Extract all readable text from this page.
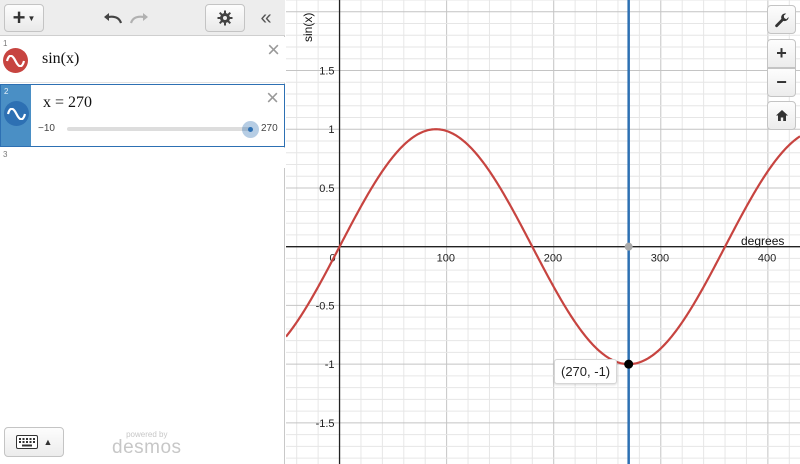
+ ▼	«
1
sin(x)	×
2
x = 270	×
−10	270
3
▲
powered by
desmos
0	100	200	300	400
1.5
1
0.5
-0.5
-1
-1.5
degrees
sin(x)
(270, -1)
+
−
